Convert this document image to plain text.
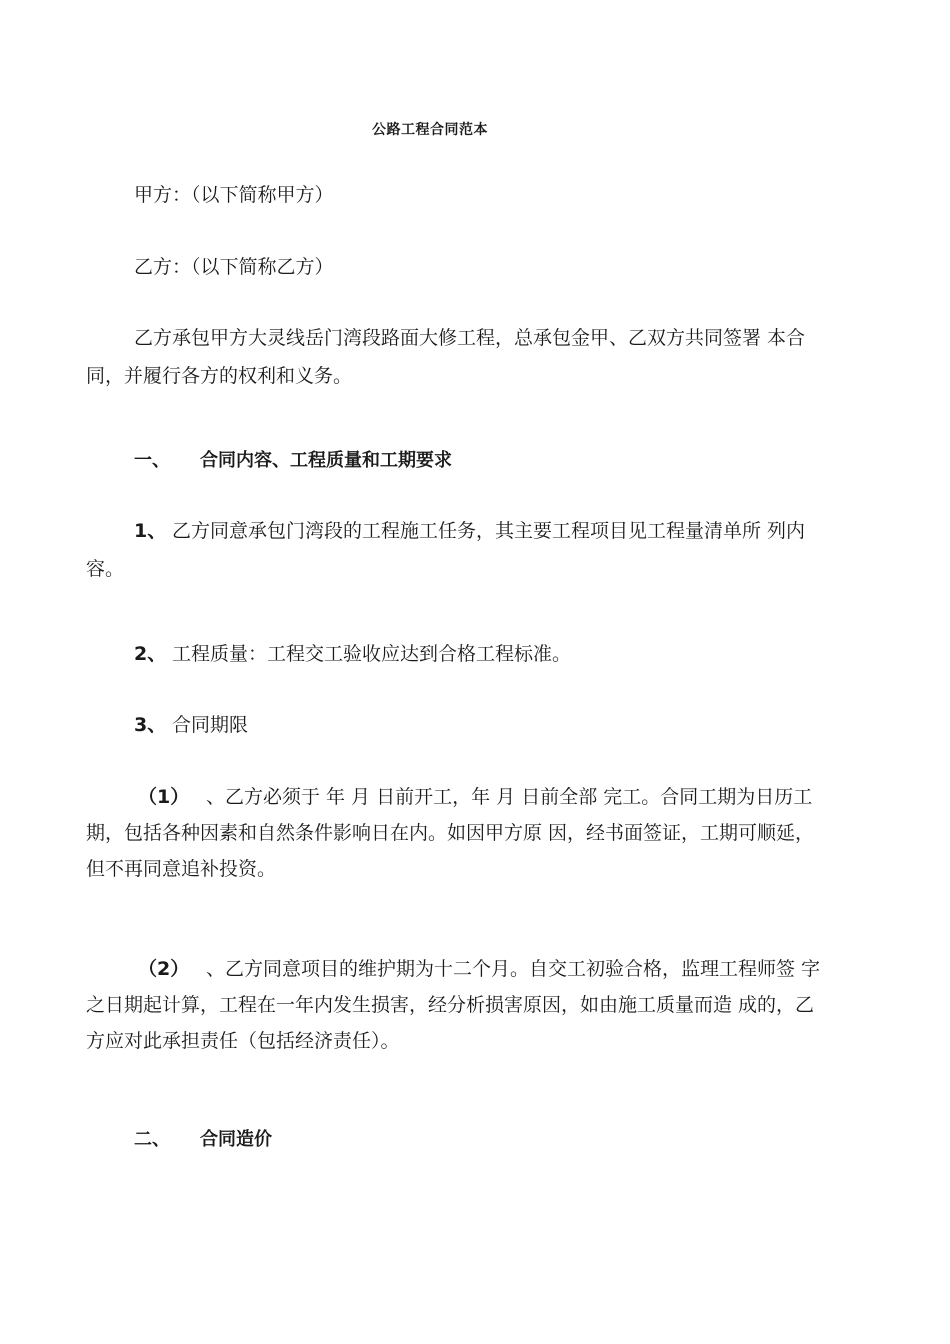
公路工程合同范本
甲方：（以下简称甲方）
乙方：（以下简称乙方）
乙方承包甲方大灵线岳门湾段路面大修工程，总承包金甲、乙双方共同签署 本合
同，并履行各方的权利和义务。
一、 合同内容、工程质量和工期要求
1、 乙方同意承包门湾段的工程施工任务，其主要工程项目见工程量清单所 列内
容。
2、 工程质量：工程交工验收应达到合格工程标准。
3、 合同期限
（1） 、乙方必须于 年 月 日前开工，年 月 日前全部 完工。合同工期为日历工
期，包括各种因素和自然条件影响日在内。如因甲方原 因，经书面签证，工期可顺延，
但不再同意追补投资。
（2） 、乙方同意项目的维护期为十二个月。自交工初验合格，监理工程师签 字
之日期起计算，工程在一年内发生损害，经分析损害原因，如由施工质量而造 成的，乙
方应对此承担责任（包括经济责任）。
二、 合同造价
